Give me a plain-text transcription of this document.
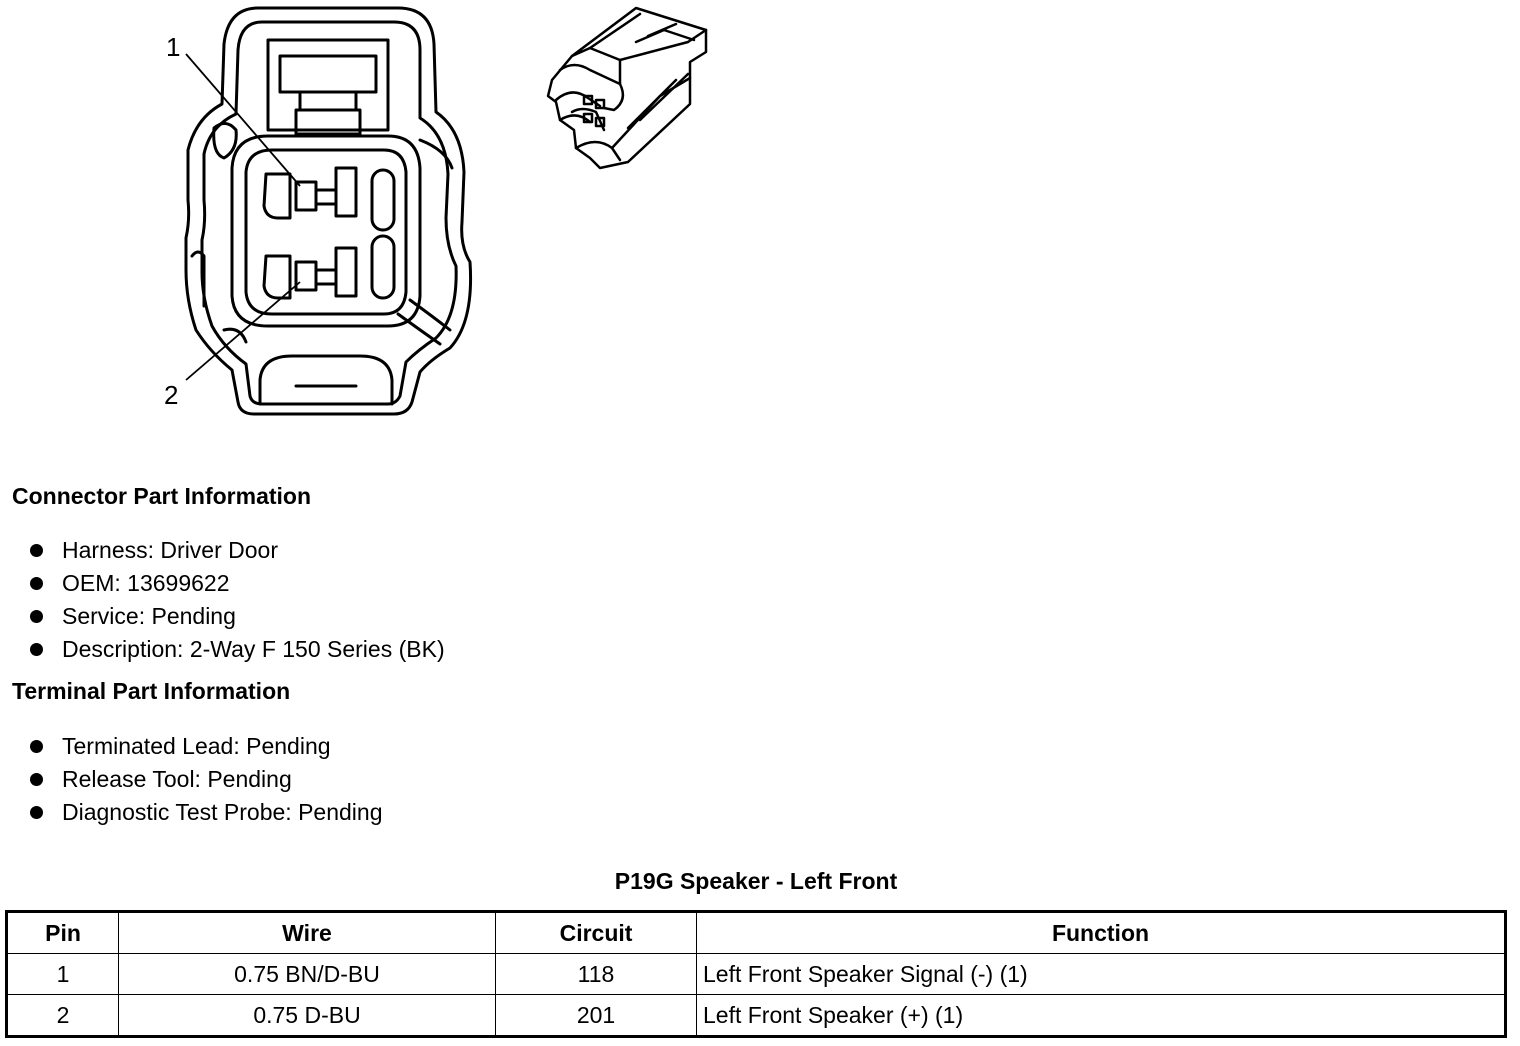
1
2
Connector Part Information
Harness: Driver Door
OEM: 13699622
Service: Pending
Description: 2-Way F 150 Series (BK)
Terminal Part Information
Terminated Lead: Pending
Release Tool: Pending
Diagnostic Test Probe: Pending
P19G Speaker - Left Front
Pin	Wire	Circuit	Function
1	0.75 BN/D-BU	118	Left Front Speaker Signal (-) (1)
2	0.75 D-BU	201	Left Front Speaker (+) (1)
